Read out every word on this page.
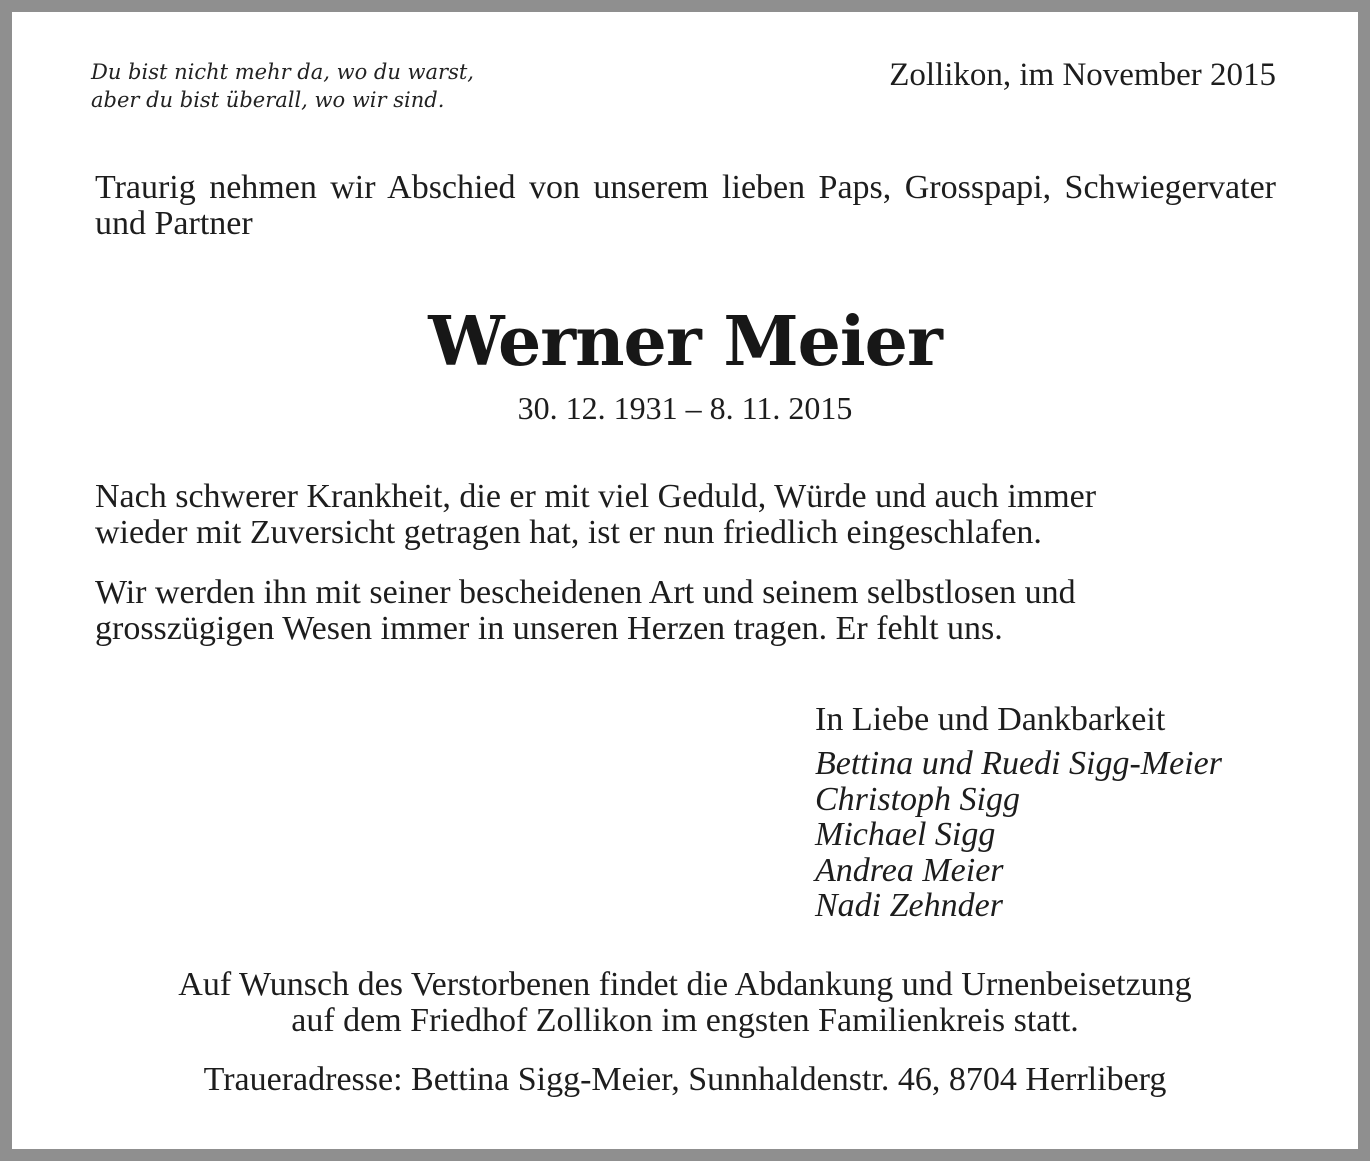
Du bist nicht mehr da, wo du warst,
aber du bist überall, wo wir sind.
Zollikon, im November 2015
Traurig nehmen wir Abschied von unserem lieben Paps, Grosspapi, Schwiegervater und Partner
Werner Meier
30. 12. 1931 – 8. 11. 2015
Nach schwerer Krankheit, die er mit viel Geduld, Würde und auch immer
wieder mit Zuversicht getragen hat, ist er nun friedlich eingeschlafen.
Wir werden ihn mit seiner bescheidenen Art und seinem selbstlosen und
grosszügigen Wesen immer in unseren Herzen tragen. Er fehlt uns.
In Liebe und Dankbarkeit
Bettina und Ruedi Sigg-Meier
Christoph Sigg
Michael Sigg
Andrea Meier
Nadi Zehnder
Auf Wunsch des Verstorbenen findet die Abdankung und Urnenbeisetzung
auf dem Friedhof Zollikon im engsten Familienkreis statt.
Traueradresse: Bettina Sigg-Meier, Sunnhaldenstr. 46, 8704 Herrliberg
